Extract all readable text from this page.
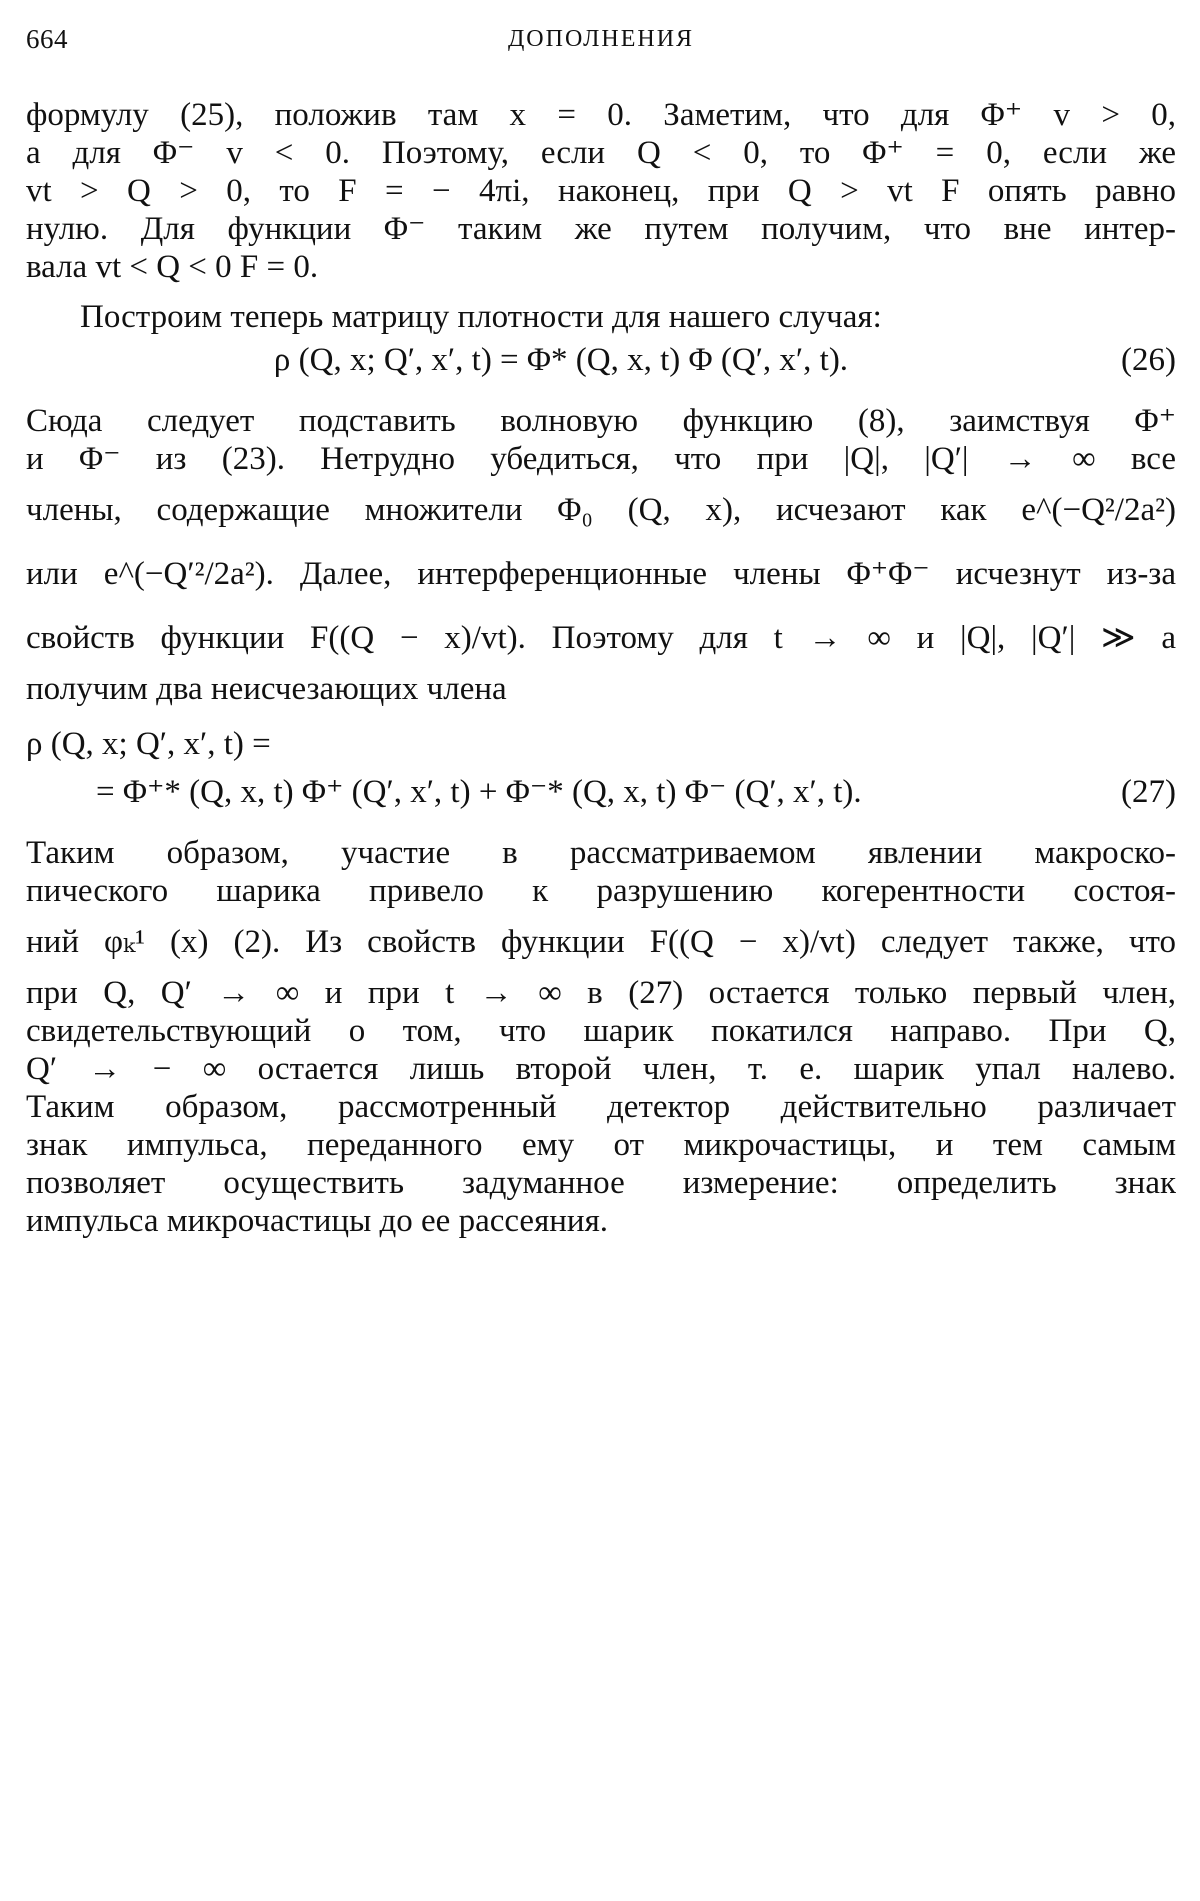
664	ДОПОЛНЕНИЯ
формулу (25), положив там x = 0. Заметим, что для Φ⁺ v > 0,
а для Φ⁻ v < 0. Поэтому, если Q < 0, то Φ⁺ = 0, если же
vt > Q > 0, то F = − 4πi, наконец, при Q > vt F опять равно
нулю. Для функции Φ⁻ таким же путем получим, что вне интер-
вала vt < Q < 0 F = 0.
Построим теперь матрицу плотности для нашего случая:
ρ (Q, x; Q′, x′, t) = Φ* (Q, x, t) Φ (Q′, x′, t).	(26)
Сюда следует подставить волновую функцию (8), заимствуя Φ⁺
и Φ⁻ из (23). Нетрудно убедиться, что при |Q|, |Q′| → ∞ все
члены, содержащие множители Φ₀ (Q, x), исчезают как e^(−Q²/2a²)
или e^(−Q′²/2a²). Далее, интерференционные члены Φ⁺Φ⁻ исчезнут из-за
свойств функции F((Q − x)/vt). Поэтому для t → ∞ и |Q|, |Q′| ≫ a
получим два неисчезающих члена
ρ (Q, x; Q′, x′, t) =
= Φ⁺* (Q, x, t) Φ⁺ (Q′, x′, t) + Φ⁻* (Q, x, t) Φ⁻ (Q′, x′, t).	(27)
Таким образом, участие в рассматриваемом явлении макроско-
пического шарика привело к разрушению когерентности состоя-
ний φₖ¹ (x) (2). Из свойств функции F((Q − x)/vt) следует также, что
при Q, Q′ → ∞ и при t → ∞ в (27) остается только первый член,
свидетельствующий о том, что шарик покатился направо. При Q,
Q′ → − ∞ остается лишь второй член, т. е. шарик упал налево.
Таким образом, рассмотренный детектор действительно различает
знак импульса, переданного ему от микрочастицы, и тем самым
позволяет осуществить задуманное измерение: определить знак
импульса микрочастицы до ее рассеяния.
